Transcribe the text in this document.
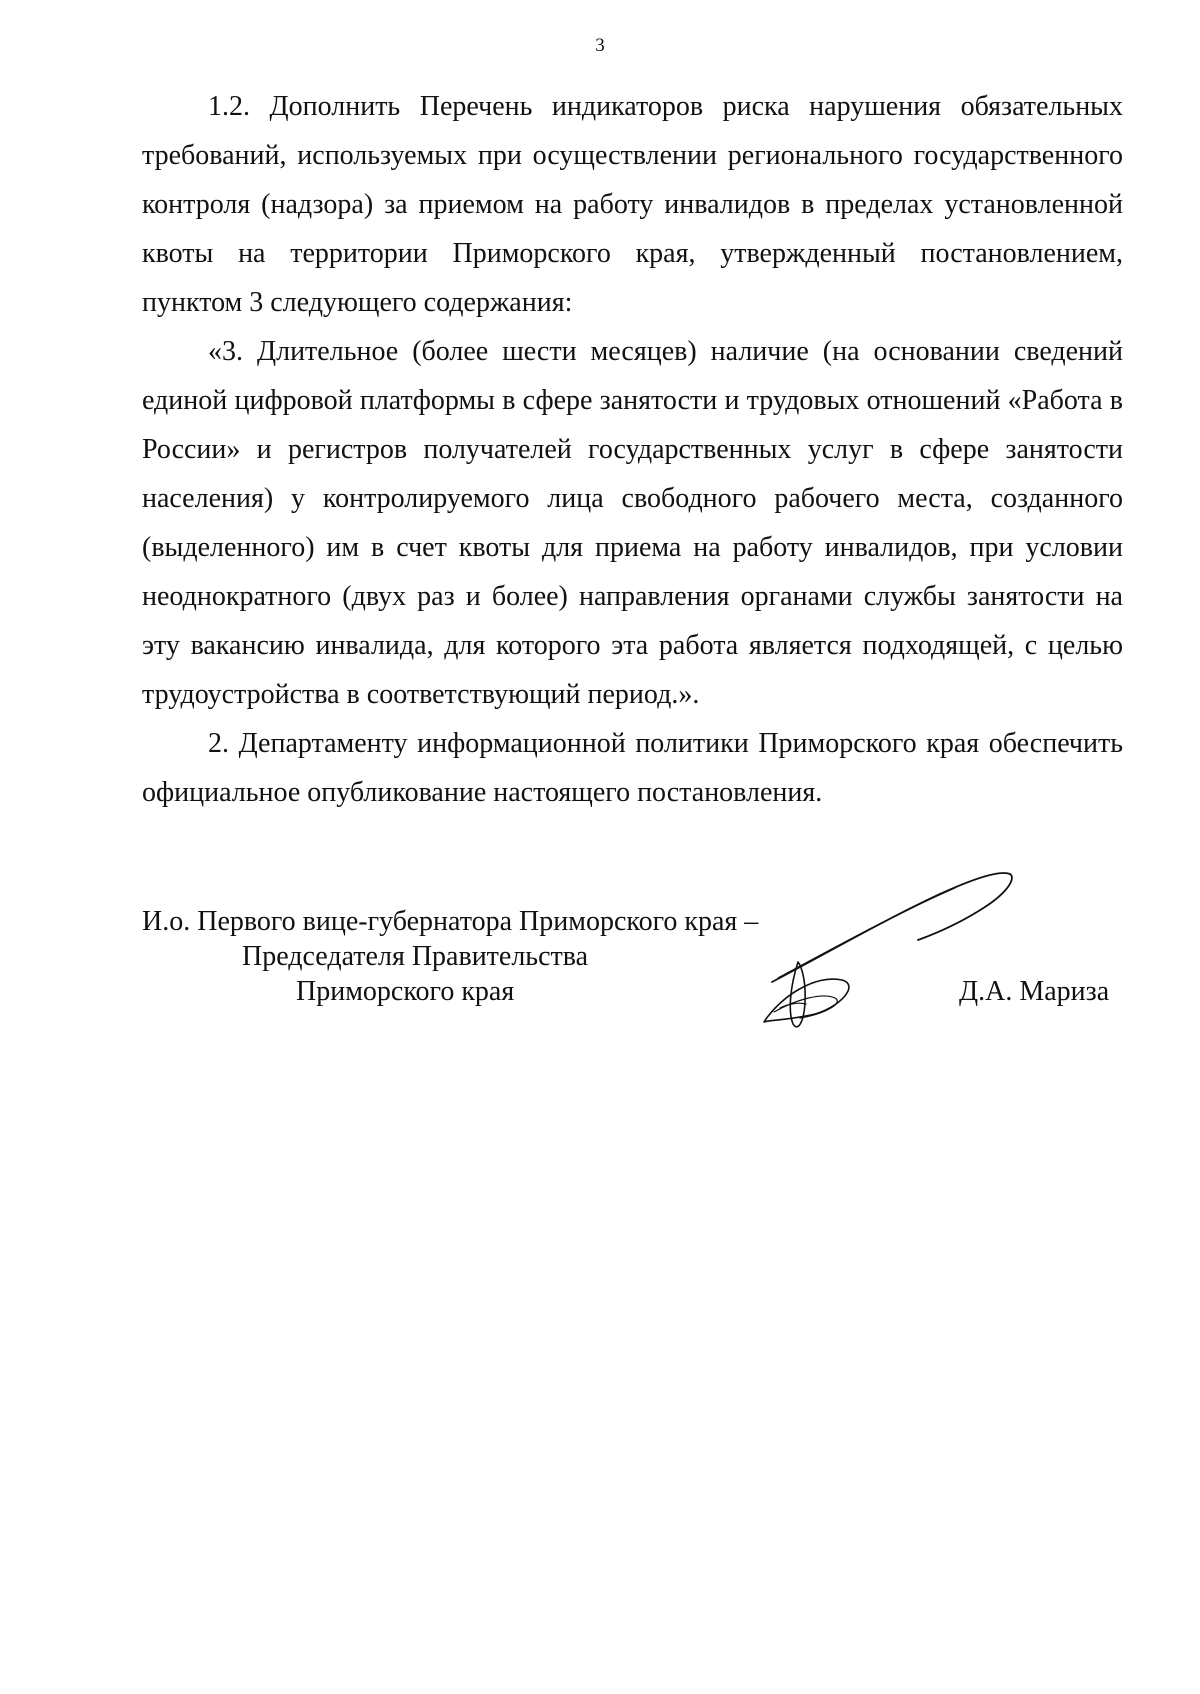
3

1.2. Дополнить Перечень индикаторов риска нарушения обязательных требований, используемых при осуществлении регионального государственного контроля (надзора) за приемом на работу инвалидов в пределах установленной квоты на территории Приморского края, утвержденный постановлением, пунктом 3 следующего содержания:

«3. Длительное (более шести месяцев) наличие (на основании сведений единой цифровой платформы в сфере занятости и трудовых отношений «Работа в России» и регистров получателей государственных услуг в сфере занятости населения) у контролируемого лица свободного рабочего места, созданного (выделенного) им в счет квоты для приема на работу инвалидов, при условии неоднократного (двух раз и более) направления органами службы занятости на эту вакансию инвалида, для которого эта работа является подходящей, с целью трудоустройства в соответствующий период.».

2. Департаменту информационной политики Приморского края обеспечить официальное опубликование настоящего постановления.

И.о. Первого вице-губернатора Приморского края –
Председателя Правительства
Приморского края	Д.А. Мариза
